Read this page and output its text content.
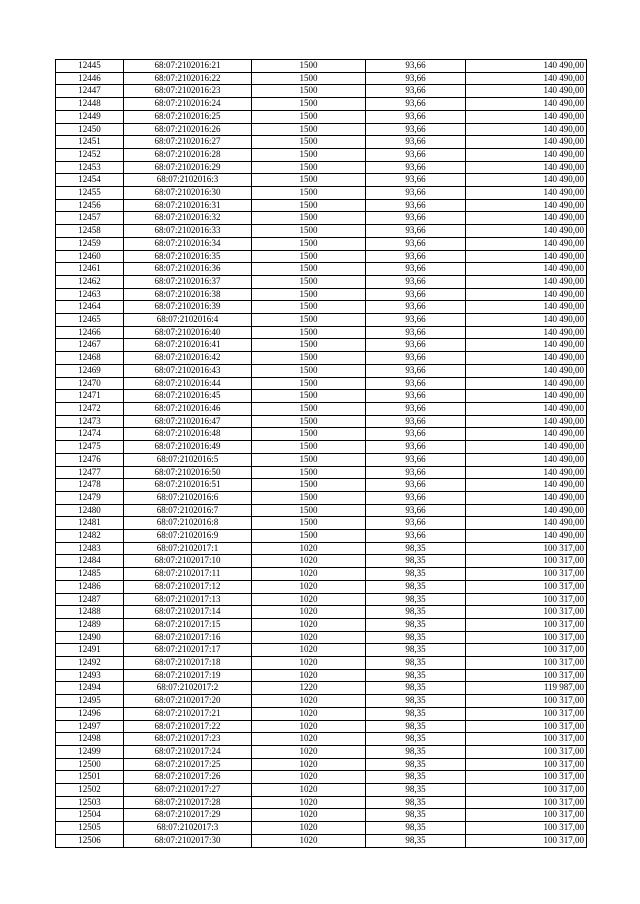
12445	68:07:2102016:21	1500	93,66	140 490,00
12446	68:07:2102016:22	1500	93,66	140 490,00
12447	68:07:2102016:23	1500	93,66	140 490,00
12448	68:07:2102016:24	1500	93,66	140 490,00
12449	68:07:2102016:25	1500	93,66	140 490,00
12450	68:07:2102016:26	1500	93,66	140 490,00
12451	68:07:2102016:27	1500	93,66	140 490,00
12452	68:07:2102016:28	1500	93,66	140 490,00
12453	68:07:2102016:29	1500	93,66	140 490,00
12454	68:07:2102016:3	1500	93,66	140 490,00
12455	68:07:2102016:30	1500	93,66	140 490,00
12456	68:07:2102016:31	1500	93,66	140 490,00
12457	68:07:2102016:32	1500	93,66	140 490,00
12458	68:07:2102016:33	1500	93,66	140 490,00
12459	68:07:2102016:34	1500	93,66	140 490,00
12460	68:07:2102016:35	1500	93,66	140 490,00
12461	68:07:2102016:36	1500	93,66	140 490,00
12462	68:07:2102016:37	1500	93,66	140 490,00
12463	68:07:2102016:38	1500	93,66	140 490,00
12464	68:07:2102016:39	1500	93,66	140 490,00
12465	68:07:2102016:4	1500	93,66	140 490,00
12466	68:07:2102016:40	1500	93,66	140 490,00
12467	68:07:2102016:41	1500	93,66	140 490,00
12468	68:07:2102016:42	1500	93,66	140 490,00
12469	68:07:2102016:43	1500	93,66	140 490,00
12470	68:07:2102016:44	1500	93,66	140 490,00
12471	68:07:2102016:45	1500	93,66	140 490,00
12472	68:07:2102016:46	1500	93,66	140 490,00
12473	68:07:2102016:47	1500	93,66	140 490,00
12474	68:07:2102016:48	1500	93,66	140 490,00
12475	68:07:2102016:49	1500	93,66	140 490,00
12476	68:07:2102016:5	1500	93,66	140 490,00
12477	68:07:2102016:50	1500	93,66	140 490,00
12478	68:07:2102016:51	1500	93,66	140 490,00
12479	68:07:2102016:6	1500	93,66	140 490,00
12480	68:07:2102016:7	1500	93,66	140 490,00
12481	68:07:2102016:8	1500	93,66	140 490,00
12482	68:07:2102016:9	1500	93,66	140 490,00
12483	68:07:2102017:1	1020	98,35	100 317,00
12484	68:07:2102017:10	1020	98,35	100 317,00
12485	68:07:2102017:11	1020	98,35	100 317,00
12486	68:07:2102017:12	1020	98,35	100 317,00
12487	68:07:2102017:13	1020	98,35	100 317,00
12488	68:07:2102017:14	1020	98,35	100 317,00
12489	68:07:2102017:15	1020	98,35	100 317,00
12490	68:07:2102017:16	1020	98,35	100 317,00
12491	68:07:2102017:17	1020	98,35	100 317,00
12492	68:07:2102017:18	1020	98,35	100 317,00
12493	68:07:2102017:19	1020	98,35	100 317,00
12494	68:07:2102017:2	1220	98,35	119 987,00
12495	68:07:2102017:20	1020	98,35	100 317,00
12496	68:07:2102017:21	1020	98,35	100 317,00
12497	68:07:2102017:22	1020	98,35	100 317,00
12498	68:07:2102017:23	1020	98,35	100 317,00
12499	68:07:2102017:24	1020	98,35	100 317,00
12500	68:07:2102017:25	1020	98,35	100 317,00
12501	68:07:2102017:26	1020	98,35	100 317,00
12502	68:07:2102017:27	1020	98,35	100 317,00
12503	68:07:2102017:28	1020	98,35	100 317,00
12504	68:07:2102017:29	1020	98,35	100 317,00
12505	68:07:2102017:3	1020	98,35	100 317,00
12506	68:07:2102017:30	1020	98,35	100 317,00
